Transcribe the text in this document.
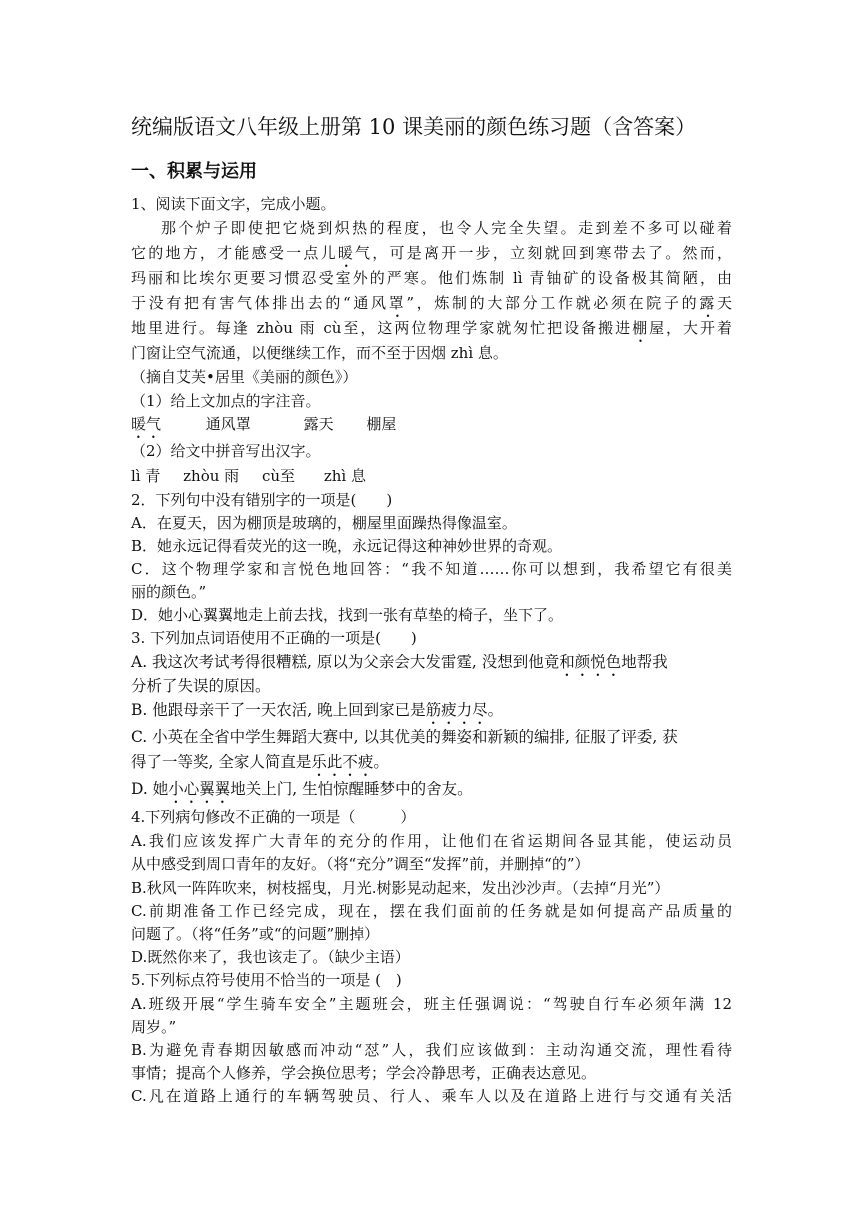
统编版语文八年级上册第 10 课美丽的颜色练习题（含答案）
一、积累与运用
1、阅读下面文字，完成小题。
那个炉子即使把它烧到炽热的程度，也令人完全失望。走到差不多可以碰着
它的地方，才能感受一点儿暖气，可是离开一步，立刻就回到寒带去了。然而，
玛丽和比埃尔更要习惯忍受室外的严寒。他们炼制 lì 青铀矿的设备极其简陋，由
于没有把有害气体排出去的“通风罩”，炼制的大部分工作就必须在院子的露天
地里进行。每逢 zhòu 雨 cù至，这两位物理学家就匆忙把设备搬进棚屋，大开着
门窗让空气流通，以便继续工作，而不至于因烟 zhì 息。
（摘自艾芙•居里《美丽的颜色》）
（1）给上文加点的字注音。
暖气	通风罩	露天 棚屋
（2）给文中拼音写出汉字。
lì 青 zhòu 雨 cù至 zhì 息
2．下列句中没有错别字的一项是(　　)
A．在夏天，因为棚顶是玻璃的，棚屋里面躁热得像温室。
B．她永远记得看荧光的这一晚，永远记得这种神妙世界的奇观。
C．这个物理学家和言悦色地回答：“我不知道……你可以想到，我希望它有很美
丽的颜色。”
D．她小心翼翼地走上前去找，找到一张有草垫的椅子，坐下了。
3. 下列加点词语使用不正确的一项是(　　)
A. 我这次考试考得很糟糕, 原以为父亲会大发雷霆, 没想到他竟和颜悦色地帮我
分析了失误的原因。
B. 他跟母亲干了一天农活, 晚上回到家已是筋疲力尽。
C. 小英在全省中学生舞蹈大赛中, 以其优美的舞姿和新颖的编排, 征服了评委, 获
得了一等奖, 全家人简直是乐此不疲。
D. 她小心翼翼地关上门, 生怕惊醒睡梦中的舍友。
4.下列病句修改不正确的一项是（　　　）
A.我们应该发挥广大青年的充分的作用，让他们在省运期间各显其能，使运动员
从中感受到周口青年的友好。（将“充分”调至“发挥”前，并删掉“的”）
B.秋风一阵阵吹来，树枝摇曳，月光.树影晃动起来，发出沙沙声。（去掉“月光”）
C.前期准备工作已经完成，现在，摆在我们面前的任务就是如何提高产品质量的
问题了。（将“任务”或“的问题”删掉）
D.既然你来了，我也该走了。（缺少主语）
5.下列标点符号使用不恰当的一项是 (　)
A.班级开展“学生骑车安全”主题班会，班主任强调说：“驾驶自行车必须年满 12
周岁。”
B.为避免青春期因敏感而冲动“怼”人，我们应该做到：主动沟通交流，理性看待
事情；提高个人修养，学会换位思考；学会冷静思考，正确表达意见。
C.凡在道路上通行的车辆驾驶员、行人、乘车人以及在道路上进行与交通有关活
